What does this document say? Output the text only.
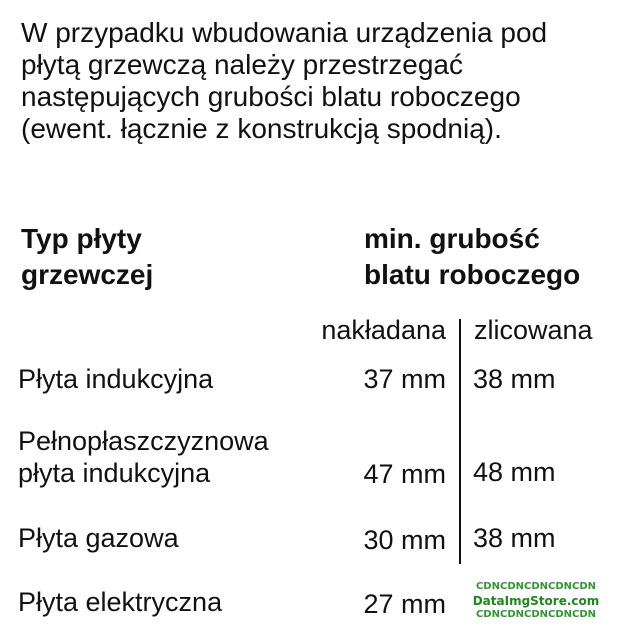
W przypadku wbudowania urządzenia pod
płytą grzewczą należy przestrzegać
następujących grubości blatu roboczego
(ewent. łącznie z konstrukcją spodnią).
Typ płyty
grzewczej
min. grubość
blatu roboczego
nakładana zlicowana
Płyta indukcyjna	37 mm 38 mm
Pełnopłaszczyznowa
płyta indukcyjna	47 mm 48 mm
Płyta gazowa	30 mm 38 mm
Płyta elektryczna	27 mm
CDNCDNCDNCDNCDN
DataImgStore.com
CDNCDNCDNCDNCDN
